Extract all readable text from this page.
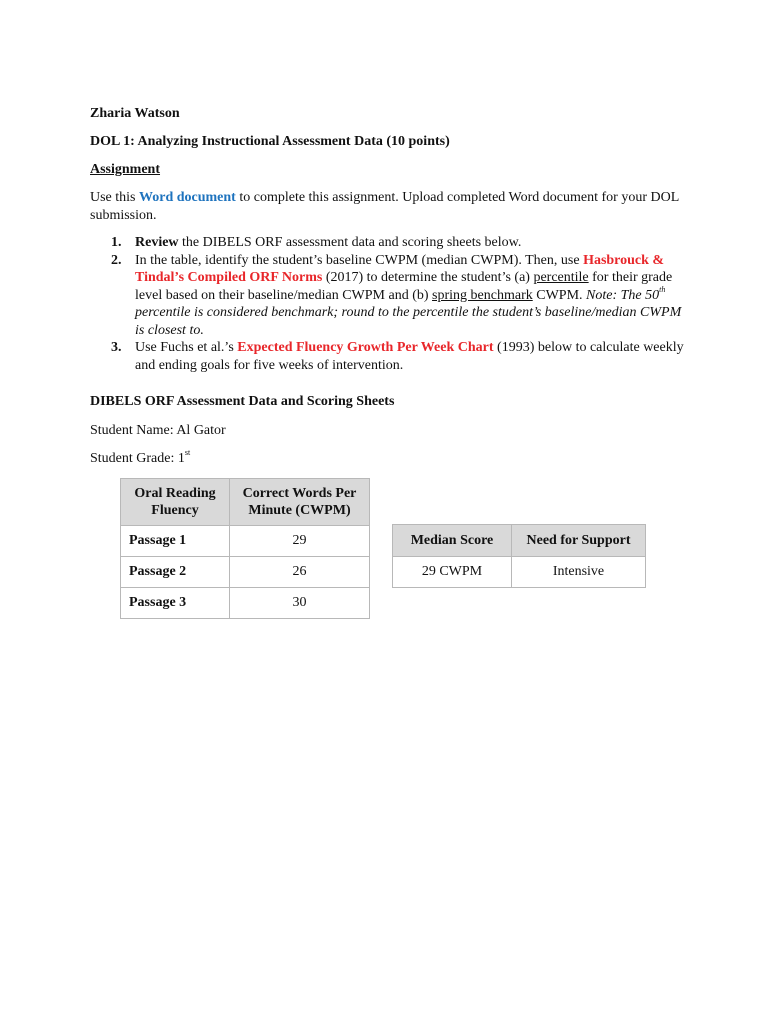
Zharia Watson
DOL 1: Analyzing Instructional Assessment Data (10 points)
Assignment
Use this Word document to complete this assignment. Upload completed Word document for your DOL submission.
1. Review the DIBELS ORF assessment data and scoring sheets below.
2. In the table, identify the student’s baseline CWPM (median CWPM). Then, use Hasbrouck & Tindal’s Compiled ORF Norms (2017) to determine the student’s (a) percentile for their grade level based on their baseline/median CWPM and (b) spring benchmark CWPM. Note: The 50th percentile is considered benchmark; round to the percentile the student’s baseline/median CWPM is closest to.
3. Use Fuchs et al.’s Expected Fluency Growth Per Week Chart (1993) below to calculate weekly and ending goals for five weeks of intervention.
DIBELS ORF Assessment Data and Scoring Sheets
Student Name: Al Gator
Student Grade: 1st
Oral Reading Fluency	Correct Words Per Minute (CWPM)
Passage 1	29
Passage 2	26
Passage 3	30
Median Score	Need for Support
29 CWPM	Intensive
